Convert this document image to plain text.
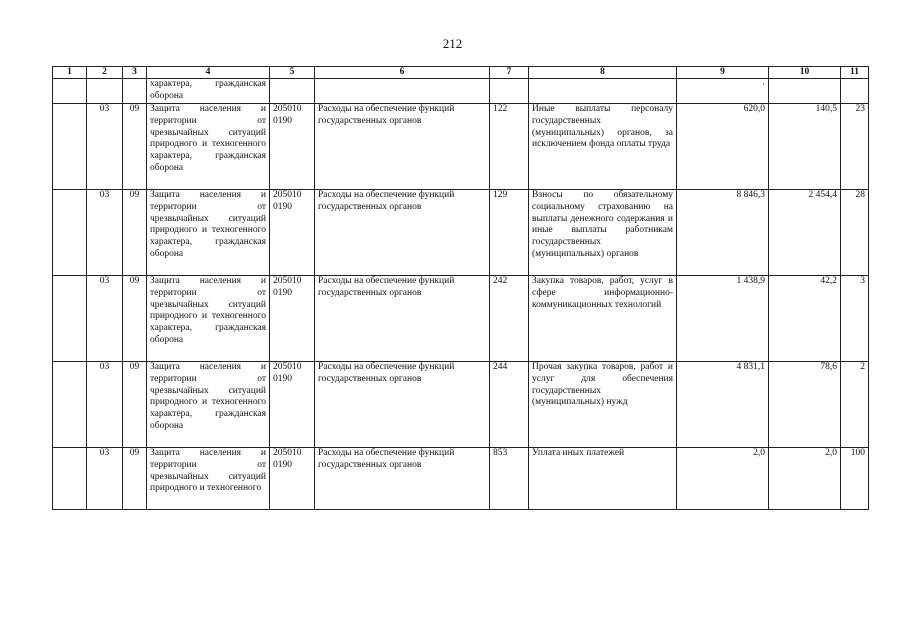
212
1	2	3	4	5	6	7	8	9	10	11
			характера, гражданская оборона					·		

	03	09	Защита населения и территории от чрезвычайных ситуаций природного и техногенного характера, гражданская оборона	205010 0190	Расходы на обеспечение функций государственных органов	122	Иные выплаты персоналу государственных (муниципальных) органов, за исключением фонда оплаты труда	620,0	140,5	23
	03	09	Защита населения и территории от чрезвычайных ситуаций природного и техногенного характера, гражданская оборона	205010 0190	Расходы на обеспечение функций государственных органов	129	Взносы по обязательному социальному страхованию на выплаты денежного содержания и иные выплаты работникам государственных (муниципальных) органов	8 846,3	2 454,4	28
	03	09	Защита населения и территории от чрезвычайных ситуаций природного и техногенного характера, гражданская оборона	205010 0190	Расходы на обеспечение функций государственных органов	242	Закупка товаров, работ, услуг в сфере информационно-коммуникационных технологий	1 438,9	42,2	3
	03	09	Защита населения и территории от чрезвычайных ситуаций природного и техногенного характера, гражданская оборона	205010 0190	Расходы на обеспечение функций государственных органов	244	Прочая закупка товаров, работ и услуг для обеспечения государственных (муниципальных) нужд	4 831,1	78,6	2
	03	09	Защита населения и территории от чрезвычайных ситуаций природного и техногенного	205010 0190	Расходы на обеспечение функций государственных органов	853	Уплата иных платежей	2,0	2,0	100
